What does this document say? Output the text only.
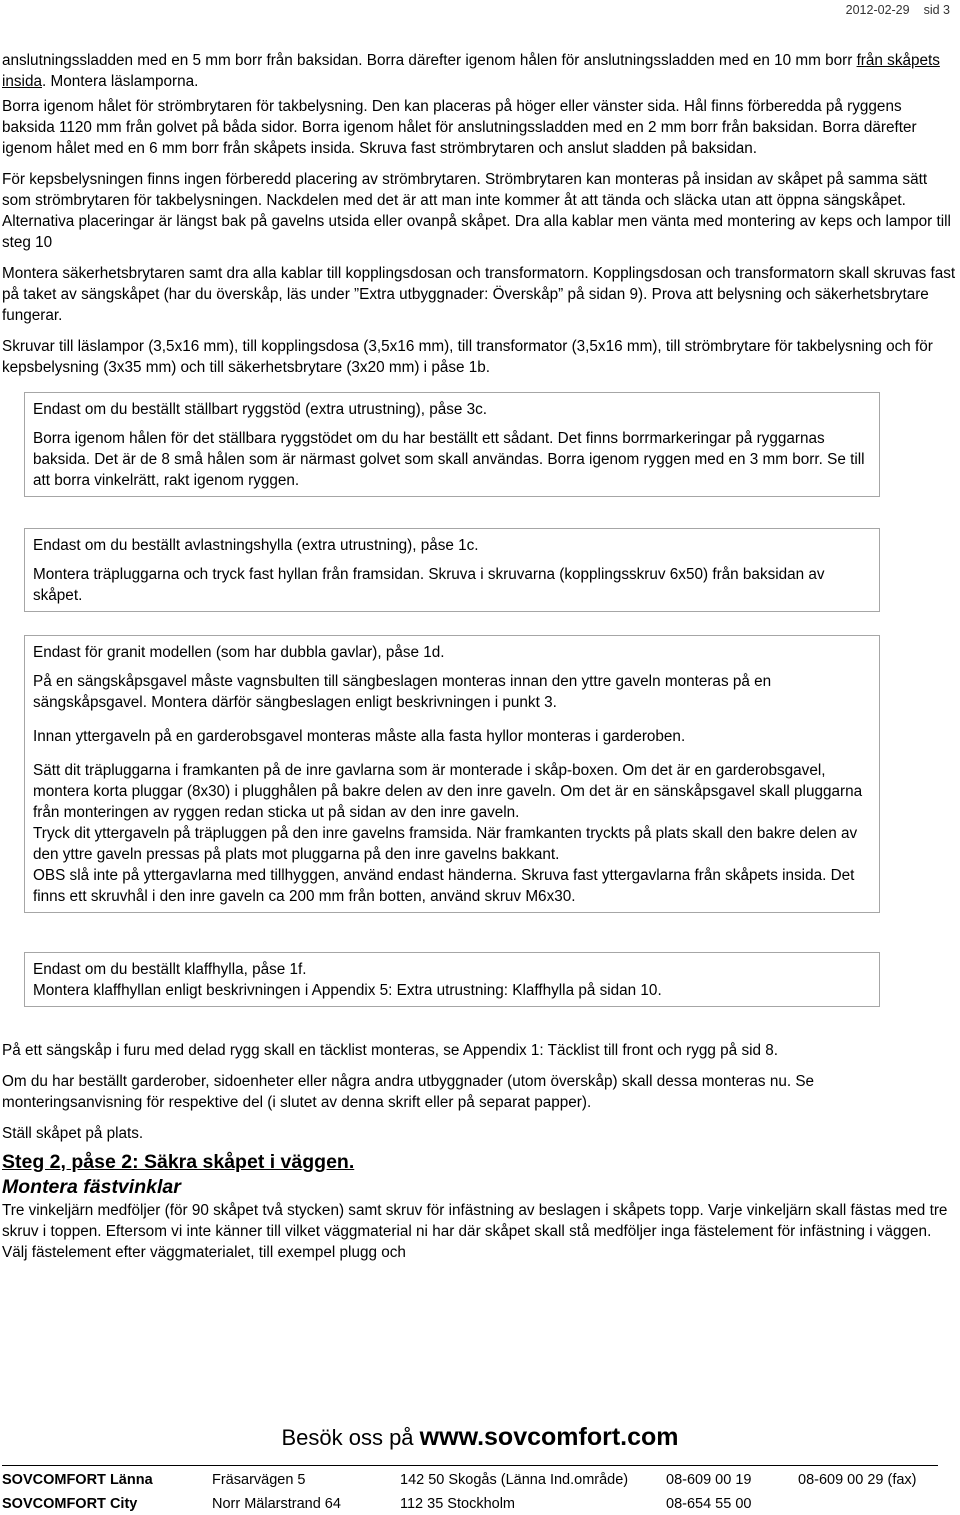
2012-02-29 sid 3

anslutningssladden med en 5 mm borr från baksidan. Borra därefter igenom hålen för anslutningssladden med en 10 mm borr från skåpets insida. Montera läslamporna.

Borra igenom hålet för strömbrytaren för takbelysning. Den kan placeras på höger eller vänster sida. Hål finns förberedda på ryggens baksida 1120 mm från golvet på båda sidor. Borra igenom hålet för anslutningssladden med en 2 mm borr från baksidan. Borra därefter igenom hålet med en 6 mm borr från skåpets insida. Skruva fast strömbrytaren och anslut sladden på baksidan.

För kepsbelysningen finns ingen förberedd placering av strömbrytaren. Strömbrytaren kan monteras på insidan av skåpet på samma sätt som strömbrytaren för takbelysningen. Nackdelen med det är att man inte kommer åt att tända och släcka utan att öppna sängskåpet. Alternativa placeringar är längst bak på gavelns utsida eller ovanpå skåpet. Dra alla kablar men vänta med montering av keps och lampor till steg 10

Montera säkerhetsbrytaren samt dra alla kablar till kopplingsdosan och transformatorn. Kopplingsdosan och transformatorn skall skruvas fast på taket av sängskåpet (har du överskåp, läs under ”Extra utbyggnader: Överskåp” på sidan 9). Prova att belysning och säkerhetsbrytare fungerar.

Skruvar till läslampor (3,5x16 mm), till kopplingsdosa (3,5x16 mm), till transformator (3,5x16 mm), till strömbrytare för takbelysning och för kepsbelysning (3x35 mm) och till säkerhetsbrytare (3x20 mm) i påse 1b.

Endast om du beställt ställbart ryggstöd (extra utrustning), påse 3c.

Borra igenom hålen för det ställbara ryggstödet om du har beställt ett sådant. Det finns borrmarkeringar på ryggarnas baksida. Det är de 8 små hålen som är närmast golvet som skall användas. Borra igenom ryggen med en 3 mm borr. Se till att borra vinkelrätt, rakt igenom ryggen.

Endast om du beställt avlastningshylla (extra utrustning), påse 1c.

Montera träpluggarna och tryck fast hyllan från framsidan. Skruva i skruvarna (kopplingsskruv 6x50) från baksidan av skåpet.

Endast för granit modellen (som har dubbla gavlar), påse 1d.

På en sängskåpsgavel måste vagnsbulten till sängbeslagen monteras innan den yttre gaveln monteras på en sängskåpsgavel. Montera därför sängbeslagen enligt beskrivningen i punkt 3.

Innan yttergaveln på en garderobsgavel monteras måste alla fasta hyllor monteras i garderoben.

Sätt dit träpluggarna i framkanten på de inre gavlarna som är monterade i skåp-boxen. Om det är en garderobsgavel, montera korta pluggar (8x30) i plugghålen på bakre delen av den inre gaveln. Om det är en sänskåpsgavel skall pluggarna från monteringen av ryggen redan sticka ut på sidan av den inre gaveln.

Tryck dit yttergaveln på träpluggen på den inre gavelns framsida. När framkanten tryckts på plats skall den bakre delen av den yttre gaveln pressas på plats mot pluggarna på den inre gavelns bakkant.

OBS slå inte på yttergavlarna med tillhyggen, använd endast händerna. Skruva fast yttergavlarna från skåpets insida. Det finns ett skruvhål i den inre gaveln ca 200 mm från botten, använd skruv M6x30.

Endast om du beställt klaffhylla, påse 1f.

Montera klaffhyllan enligt beskrivningen i Appendix 5: Extra utrustning: Klaffhylla på sidan 10.

På ett sängskåp i furu med delad rygg skall en täcklist monteras, se Appendix 1: Täcklist till front och rygg på sid 8.

Om du har beställt garderober, sidoenheter eller några andra utbyggnader (utom överskåp) skall dessa monteras nu. Se monteringsanvisning för respektive del (i slutet av denna skrift eller på separat papper).

Ställ skåpet på plats.

Steg 2, påse 2: Säkra skåpet i väggen.
Montera fästvinklar

Tre vinkeljärn medföljer (för 90 skåpet två stycken) samt skruv för infästning av beslagen i skåpets topp. Varje vinkeljärn skall fästas med tre skruv i toppen. Eftersom vi inte känner till vilket väggmaterial ni har där skåpet skall stå medföljer inga fästelement för infästning i väggen. Välj fästelement efter väggmaterialet, till exempel plugg och

Besök oss på www.sovcomfort.com
SOVCOMFORT Länna	Fräsarvägen 5	142 50 Skogås (Länna Ind.område)	08-609 00 19	08-609 00 29 (fax)
SOVCOMFORT City	Norr Mälarstrand 64	112 35 Stockholm	08-654 55 00
